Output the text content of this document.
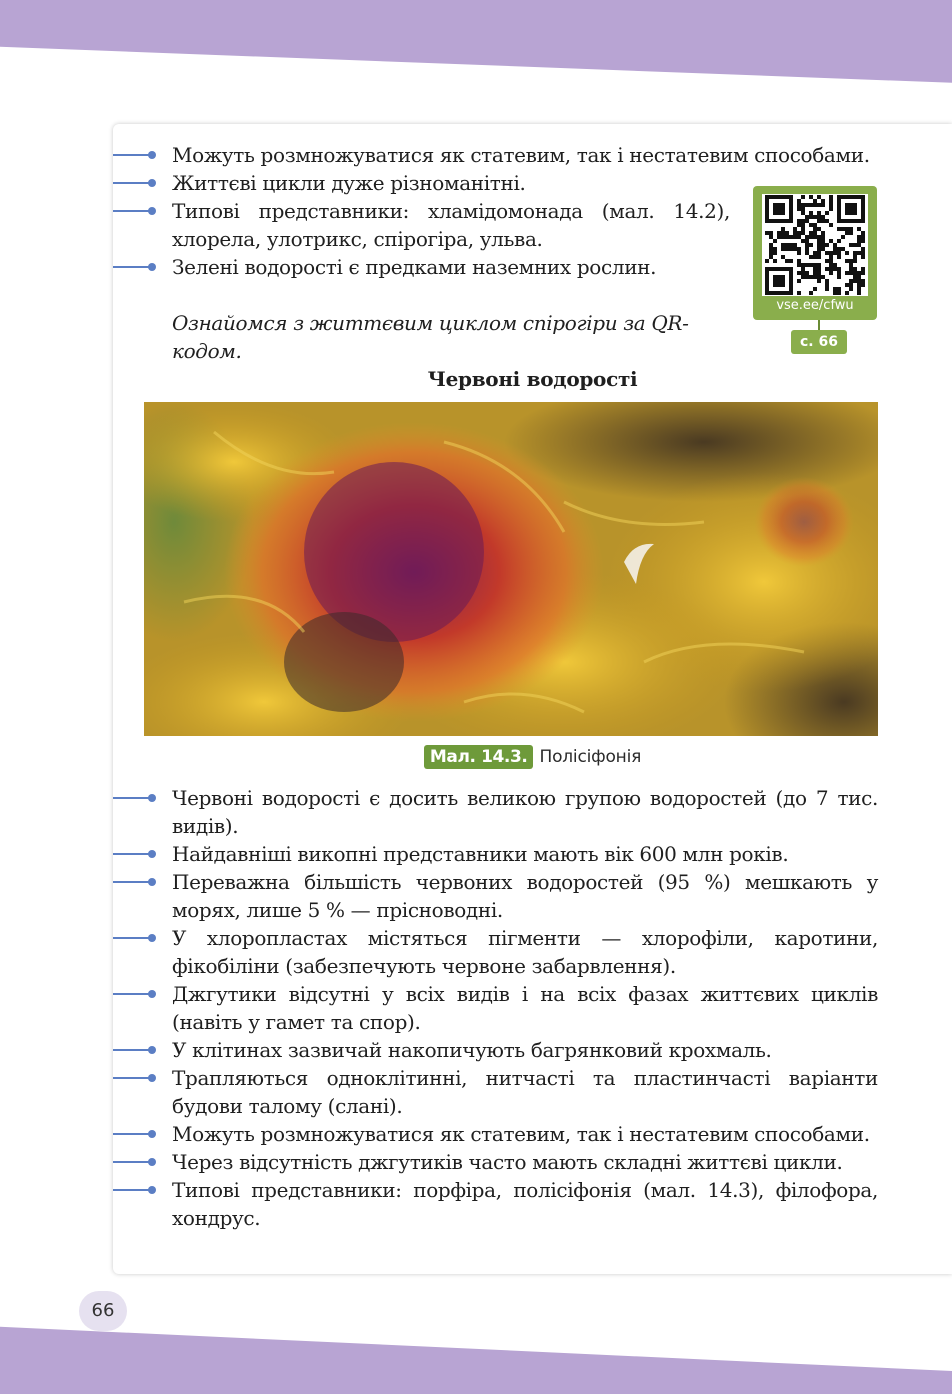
Можуть розмножуватися як статевим, так і нестатевим способами.
Життєві цикли дуже різноманітні.
Типові представники: хламідомонада (мал. 14.2), хлорела, улотрикс, спірогіра, ульва.
Зелені водорості є предками наземних рослин.
Ознайомся з життєвим циклом спірогіри за QR-кодом.
vse.ee/cfwu
с. 66
Червоні водорості
Мал. 14.3. Полісіфонія
Червоні водорості є досить великою групою водоростей (до 7 тис. видів).
Найдавніші викопні представники мають вік 600 млн років.
Переважна більшість червоних водоростей (95 %) мешкають у морях, лише 5 % — прісноводні.
У хлоропластах містяться пігменти — хлорофіли, каротини, фікобіліни (забезпечують червоне забарвлення).
Джгутики відсутні у всіх видів і на всіх фазах життєвих циклів (навіть у гамет та спор).
У клітинах зазвичай накопичують багрянковий крохмаль.
Трапляються одноклітинні, нитчасті та пластинчасті варіанти будови талому (слані).
Можуть розмножуватися як статевим, так і нестатевим способами.
Через відсутність джгутиків часто мають складні життєві цикли.
Типові представники: порфіра, полісіфонія (мал. 14.3), філофора, хондрус.
66
